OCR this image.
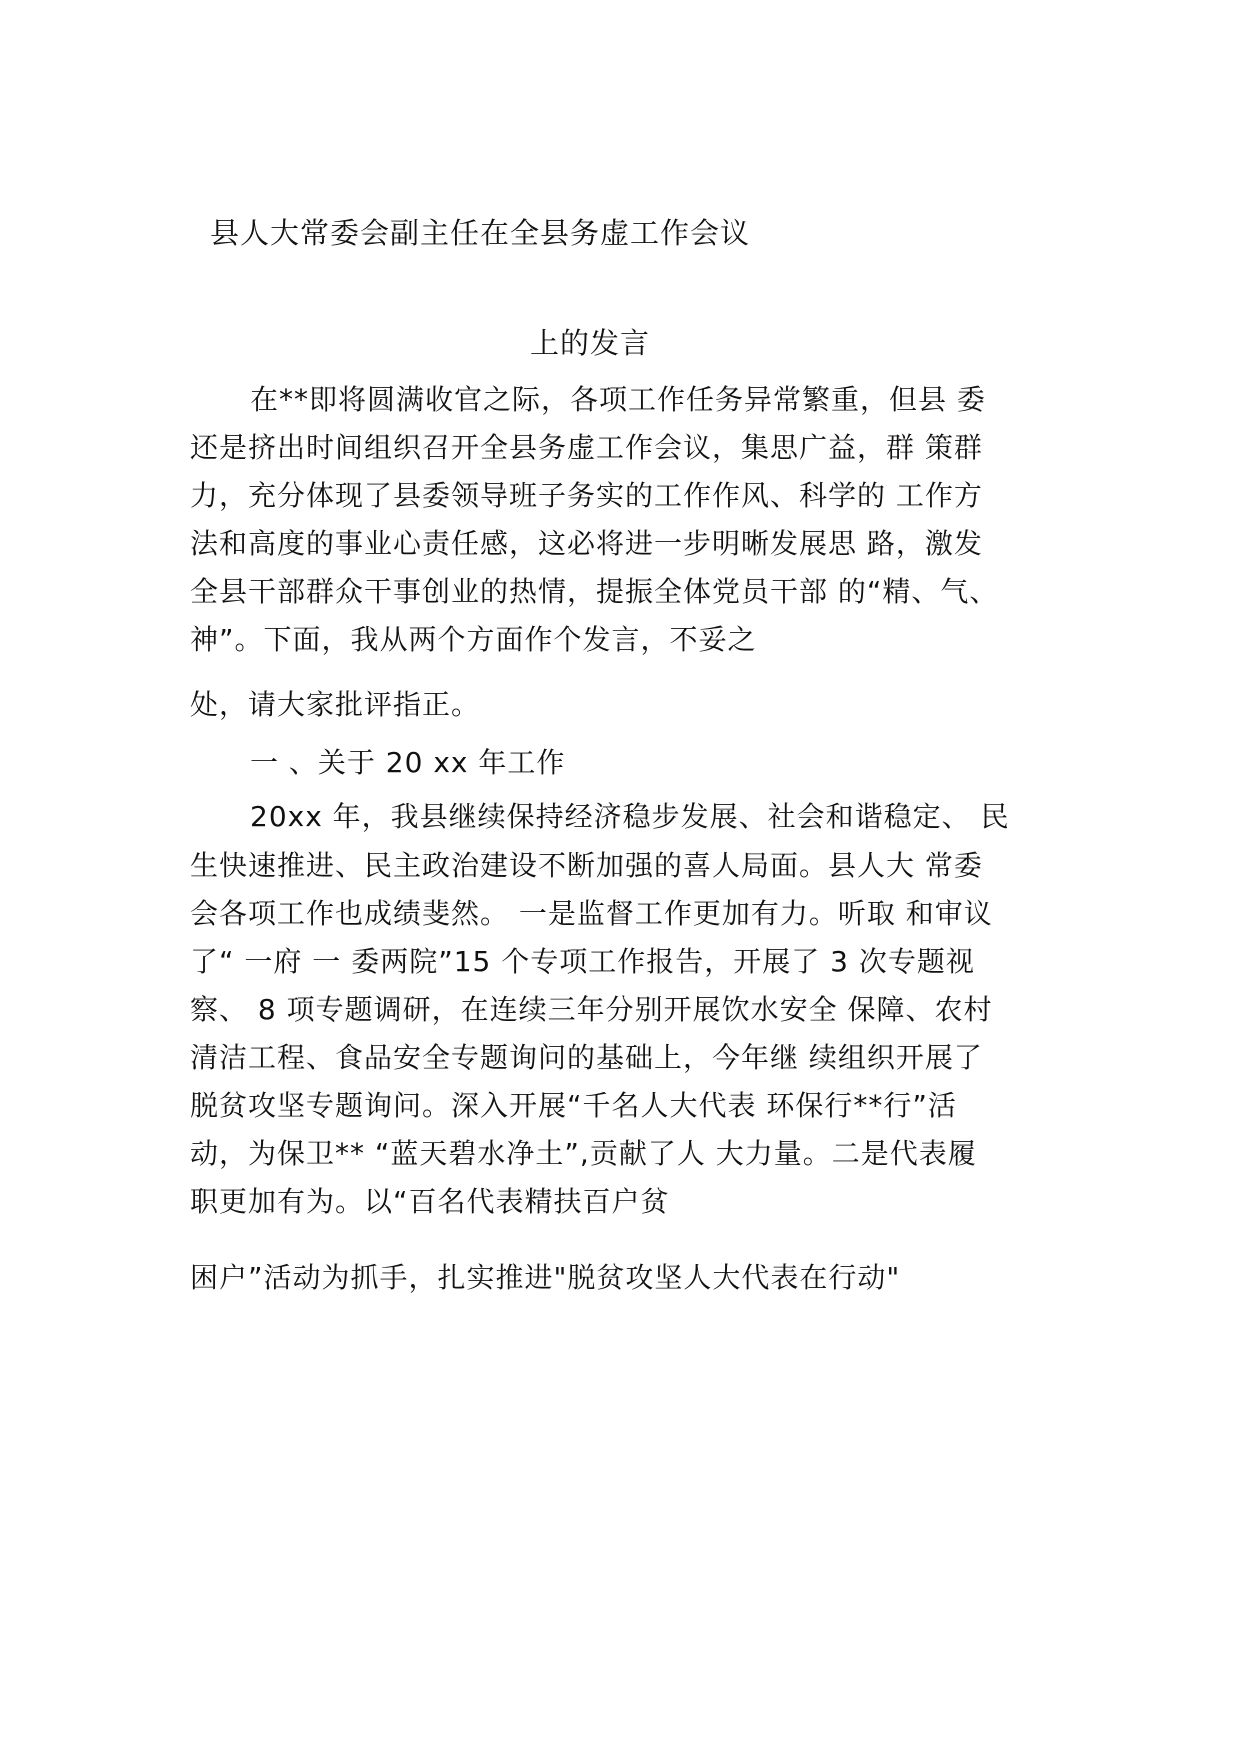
县人大常委会副主任在全县务虚工作会议
上的发言
在**即将圆满收官之际，各项工作任务异常繁重，但县 委
还是挤出时间组织召开全县务虚工作会议，集思广益，群 策群
力，充分体现了县委领导班子务实的工作作风、科学的 工作方
法和高度的事业心责任感，这必将进一步明晰发展思 路，激发
全县干部群众干事创业的热情，提振全体党员干部 的“精、气、
神”。下面，我从两个方面作个发言，不妥之
处，请大家批评指正。
一 、关于 20 xx 年工作
20xx 年，我县继续保持经济稳步发展、社会和谐稳定、 民
生快速推进、民主政治建设不断加强的喜人局面。县人大 常委
会各项工作也成绩斐然。 一是监督工作更加有力。听取 和审议
了“ 一府 一 委两院”15 个专项工作报告，开展了 3 次专题视
察、 8 项专题调研，在连续三年分别开展饮水安全 保障、农村
清洁工程、食品安全专题询问的基础上，今年继 续组织开展了
脱贫攻坚专题询问。深入开展“千名人大代表 环保行**行”活
动，为保卫** “蓝天碧水净土”,贡献了人 大力量。二是代表履
职更加有为。以“百名代表精扶百户贫
困户”活动为抓手，扎实推进"脱贫攻坚人大代表在行动"
